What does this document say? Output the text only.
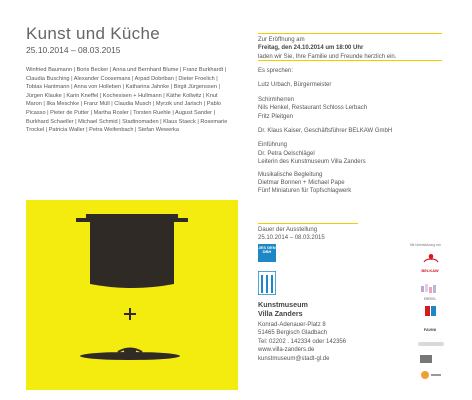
Kunst und Küche
25.10.2014 – 08.03.2015
Winfried Baumann | Boris Becker | Anna und Bernhard Blume | Franz Burkhardt | Claudia Busching | Alexander Coosemans | Arpad Dobriban | Dieter Froelich | Tobias Hantmann | Anna von Holleben | Katharina Jahnke | Birgit Jürgenssen | Jürgen Klauke | Karin Kneffel | Kochesisen + Hullmann | Käthe Kollwitz | Knut Maron | Ilka Meschke | Franz Müll | Claudia Musch | Myrzik und Jarisch | Pablo Picasso | Pieter de Putter | Martha Rosler | Torsten Ruehle | August Sander | Burkhard Schaeller | Michael Schmid | Stadtnomaden | Klaus Staeck | Rosemarie Trockel | Patricia Waller | Petra Weifenbach | Stefan Wewerka

Zur Eröffnung am

Freitag, den 24.10.2014 um 18:00 Uhr

laden wir Sie, Ihre Familie und Freunde herzlich ein.

Es sprechen:

Lutz Urbach, Bürgermeister

Schirmherren

Nils Henkel, Restaurant Schloss Lerbach

Fritz Pleitgen

Dr. Klaus Kaiser, Geschäftsführer BELKAW GmbH

Einführung

Dr. Petra Oelschlägel

Leiterin des Kunstmuseum Villa Zanders

Musikalische Begleitung

Dietmar Bonnen + Michael Pape

Fünf Miniaturen für Topfschlagwerk

Dauer der Ausstellung

25.10.2014 – 08.03.2015

JES GEN DBH
Kunstmuseum
Villa Zanders

Konrad-Adenauer-Platz 8

51465 Bergisch Gladbach

Tel: 02202 . 142334 oder 142356

www.villa-zanders.de

kunstmuseum@stadt-gl.de

Mit Unterstützung von
BELKAW
KREKEL
FAVINI
